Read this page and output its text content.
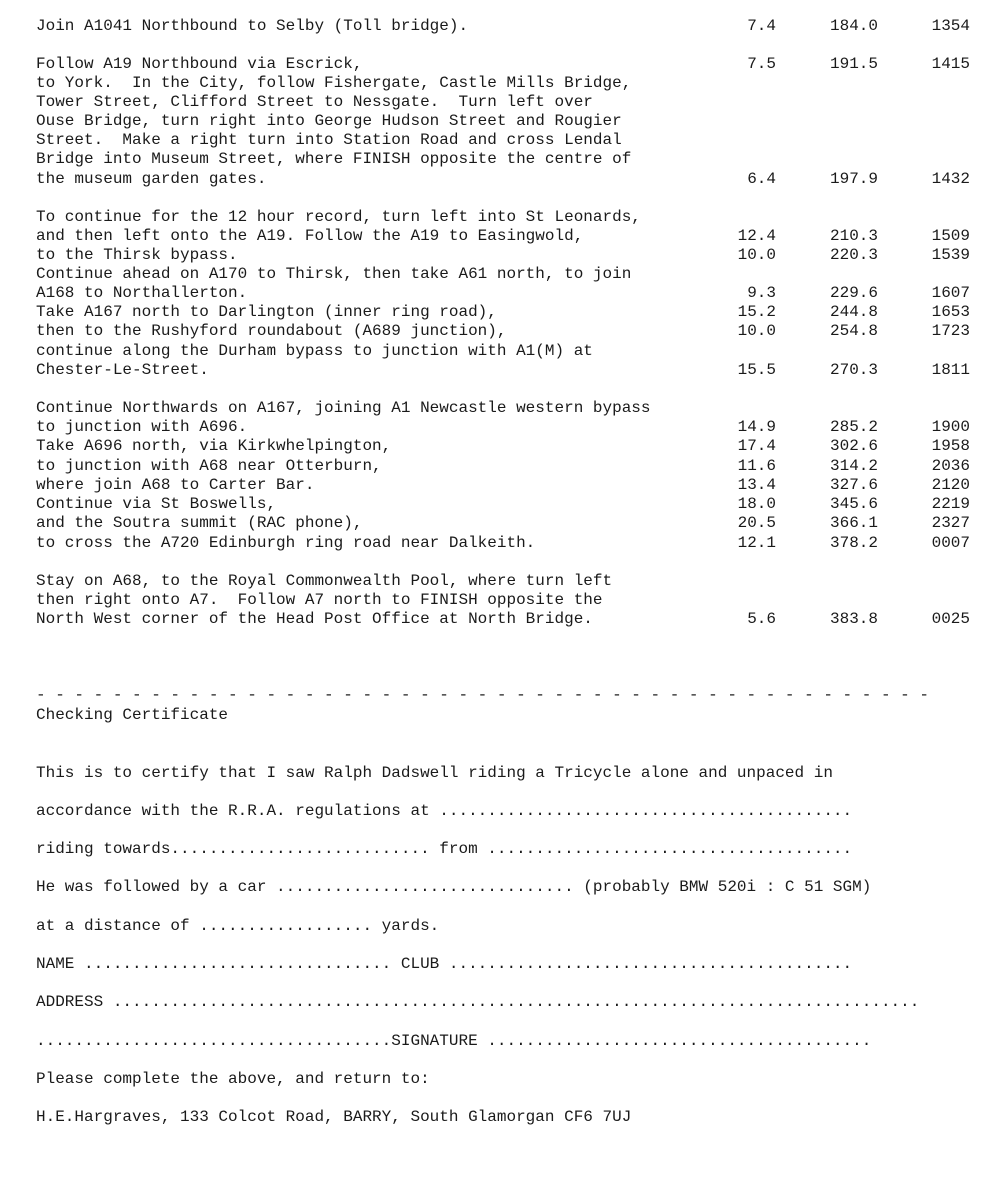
Join A1041 Northbound to Selby (Toll bridge).	7.4	184.0	1354
Follow A19 Northbound via Escrick,	7.5	191.5	1415
to York.  In the City, follow Fishergate, Castle Mills Bridge,
Tower Street, Clifford Street to Nessgate.  Turn left over
Ouse Bridge, turn right into George Hudson Street and Rougier
Street.  Make a right turn into Station Road and cross Lendal
Bridge into Museum Street, where FINISH opposite the centre of
the museum garden gates.	6.4	197.9	1432
To continue for the 12 hour record, turn left into St Leonards,
and then left onto the A19. Follow the A19 to Easingwold,	12.4	210.3	1509
to the Thirsk bypass.	10.0	220.3	1539
Continue ahead on A170 to Thirsk, then take A61 north, to join
A168 to Northallerton.	9.3	229.6	1607
Take A167 north to Darlington (inner ring road),	15.2	244.8	1653
then to the Rushyford roundabout (A689 junction),	10.0	254.8	1723
continue along the Durham bypass to junction with A1(M) at
Chester-Le-Street.	15.5	270.3	1811
Continue Northwards on A167, joining A1 Newcastle western bypass
to junction with A696.	14.9	285.2	1900
Take A696 north, via Kirkwhelpington,	17.4	302.6	1958
to junction with A68 near Otterburn,	11.6	314.2	2036
where join A68 to Carter Bar.	13.4	327.6	2120
Continue via St Boswells,	18.0	345.6	2219
and the Soutra summit (RAC phone),	20.5	366.1	2327
to cross the A720 Edinburgh ring road near Dalkeith.	12.1	378.2	0007
Stay on A68, to the Royal Commonwealth Pool, where turn left
then right onto A7.  Follow A7 north to FINISH opposite the
North West corner of the Head Post Office at North Bridge.	5.6	383.8	0025
- - - - - - - - - - - - - - - - - - - - - - - - - - - - - - - - - - - - - - - - - - - - - - -
Checking Certificate
This is to certify that I saw Ralph Dadswell riding a Tricycle alone and unpaced in
accordance with the R.R.A. regulations at ...........................................
riding towards........................... from ......................................
He was followed by a car ............................... (probably BMW 520i : C 51 SGM)
at a distance of .................. yards.
NAME ................................ CLUB ..........................................
ADDRESS ....................................................................................
.....................................SIGNATURE ........................................
Please complete the above, and return to:
H.E.Hargraves, 133 Colcot Road, BARRY, South Glamorgan CF6 7UJ
